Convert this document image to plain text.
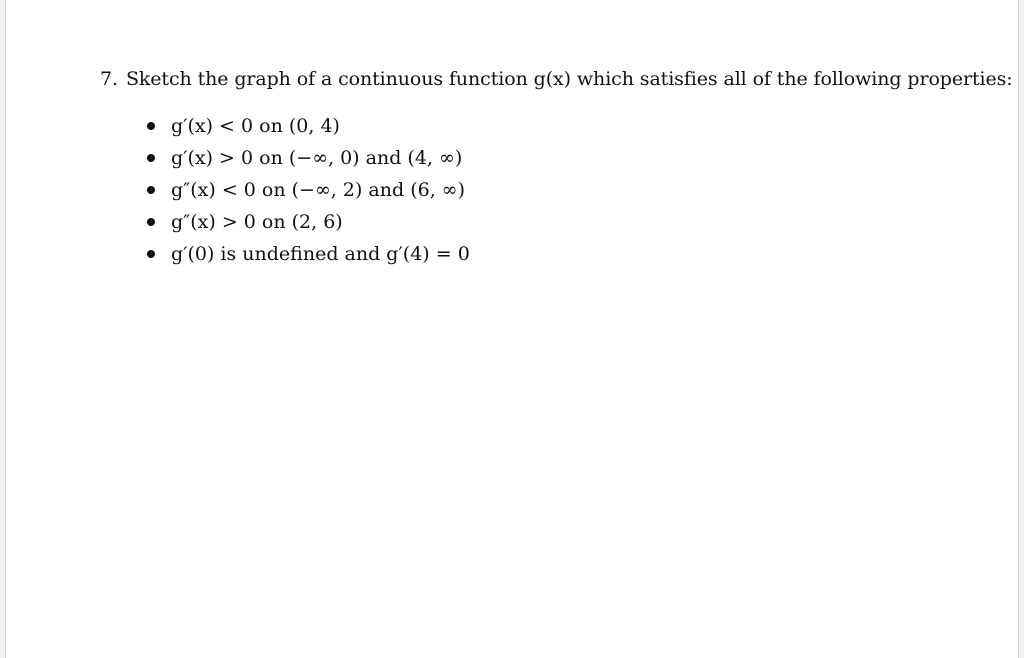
7. Sketch the graph of a continuous function g(x) which satisfies all of the following properties:
g′(x) < 0 on (0, 4)
g′(x) > 0 on (−∞, 0) and (4, ∞)
g″(x) < 0 on (−∞, 2) and (6, ∞)
g″(x) > 0 on (2, 6)
g′(0) is undefined and g′(4) = 0
